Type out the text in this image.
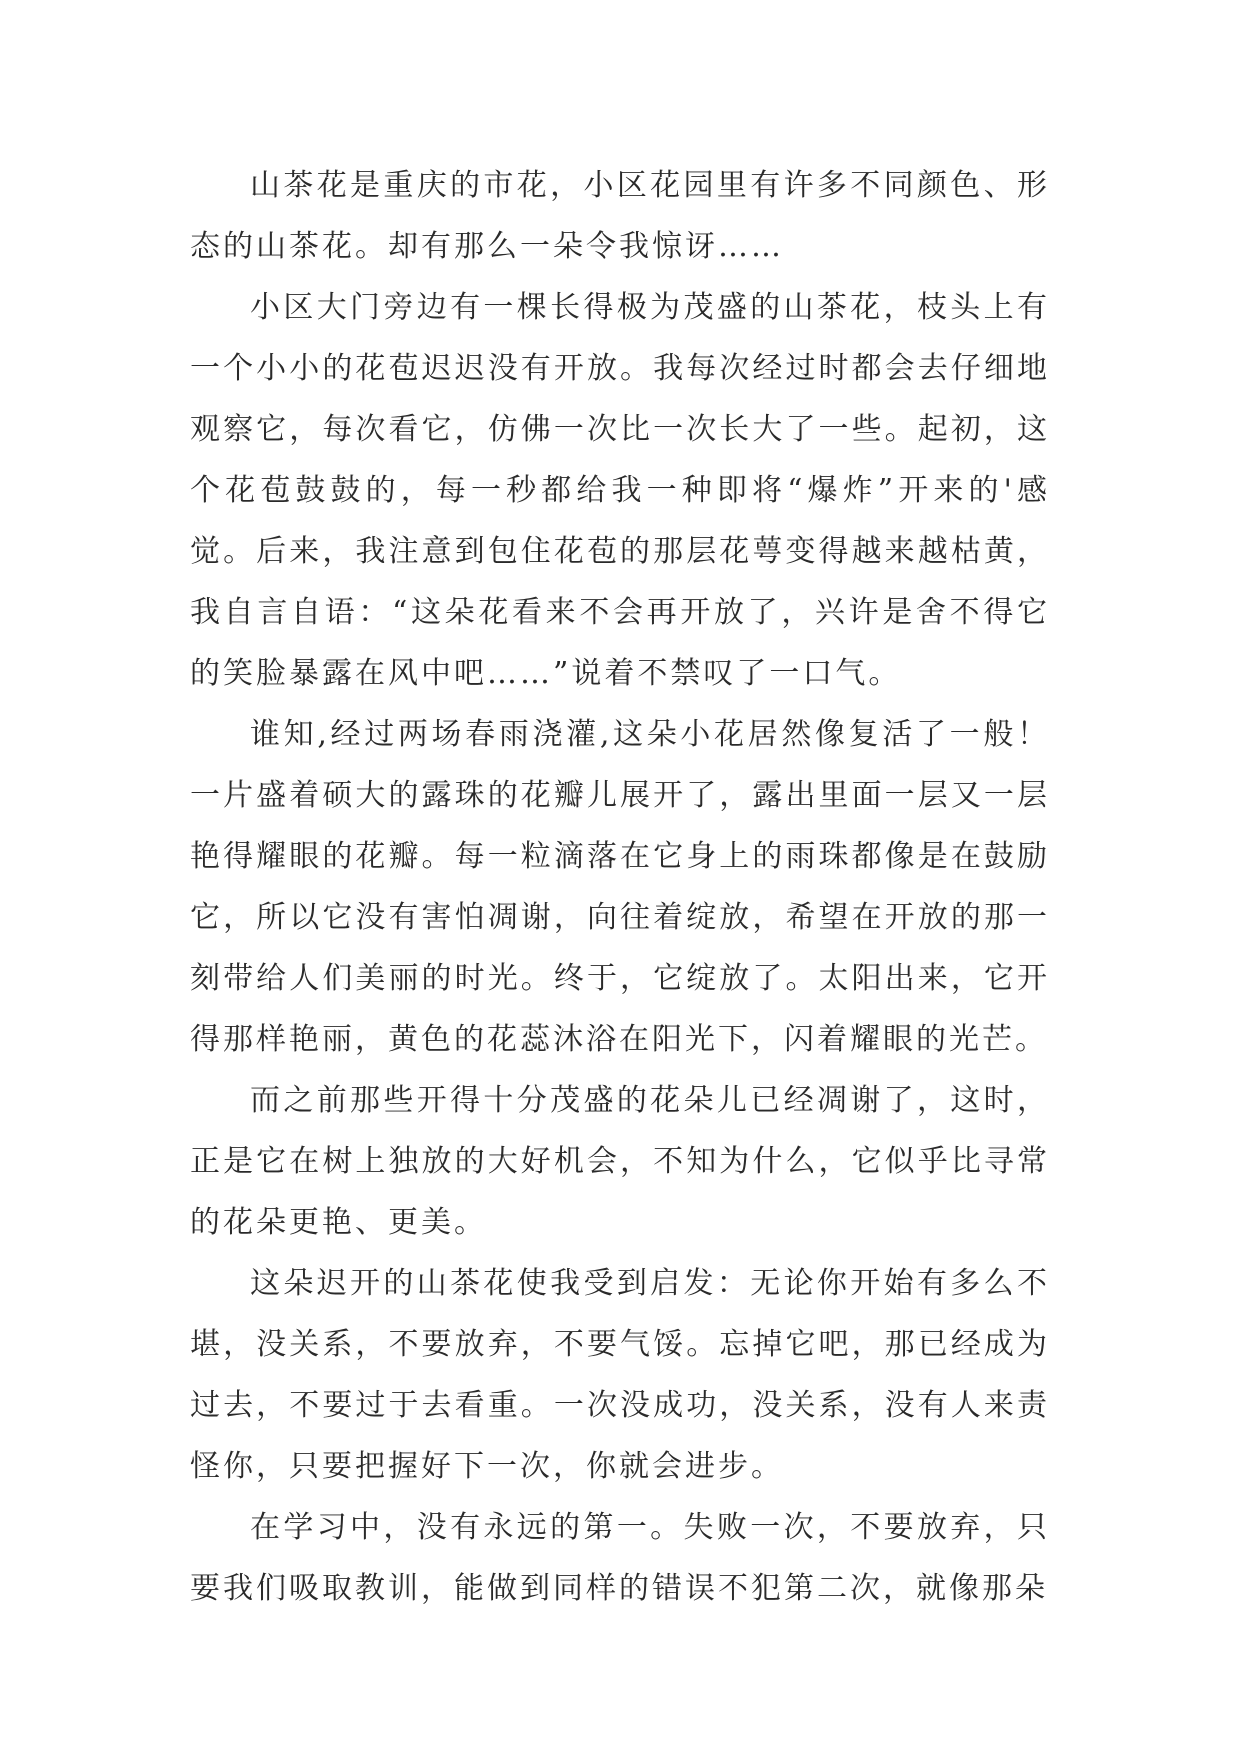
山茶花是重庆的市花，小区花园里有许多不同颜色、形态的山茶花。却有那么一朵令我惊讶……

小区大门旁边有一棵长得极为茂盛的山茶花，枝头上有一个小小的花苞迟迟没有开放。我每次经过时都会去仔细地观察它，每次看它，仿佛一次比一次长大了一些。起初，这个花苞鼓鼓的，每一秒都给我一种即将“爆炸”开来的'感觉。后来，我注意到包住花苞的那层花萼变得越来越枯黄，我自言自语：“这朵花看来不会再开放了，兴许是舍不得它的笑脸暴露在风中吧……”说着不禁叹了一口气。

谁知,经过两场春雨浇灌,这朵小花居然像复活了一般！一片盛着硕大的露珠的花瓣儿展开了，露出里面一层又一层艳得耀眼的花瓣。每一粒滴落在它身上的雨珠都像是在鼓励它，所以它没有害怕凋谢，向往着绽放，希望在开放的那一刻带给人们美丽的时光。终于，它绽放了。太阳出来，它开得那样艳丽，黄色的花蕊沐浴在阳光下，闪着耀眼的光芒。

而之前那些开得十分茂盛的花朵儿已经凋谢了，这时，正是它在树上独放的大好机会，不知为什么，它似乎比寻常的花朵更艳、更美。

这朵迟开的山茶花使我受到启发：无论你开始有多么不堪，没关系，不要放弃，不要气馁。忘掉它吧，那已经成为过去，不要过于去看重。一次没成功，没关系，没有人来责怪你，只要把握好下一次，你就会进步。

在学习中，没有永远的第一。失败一次，不要放弃，只要我们吸取教训，能做到同样的错误不犯第二次，就像那朵
